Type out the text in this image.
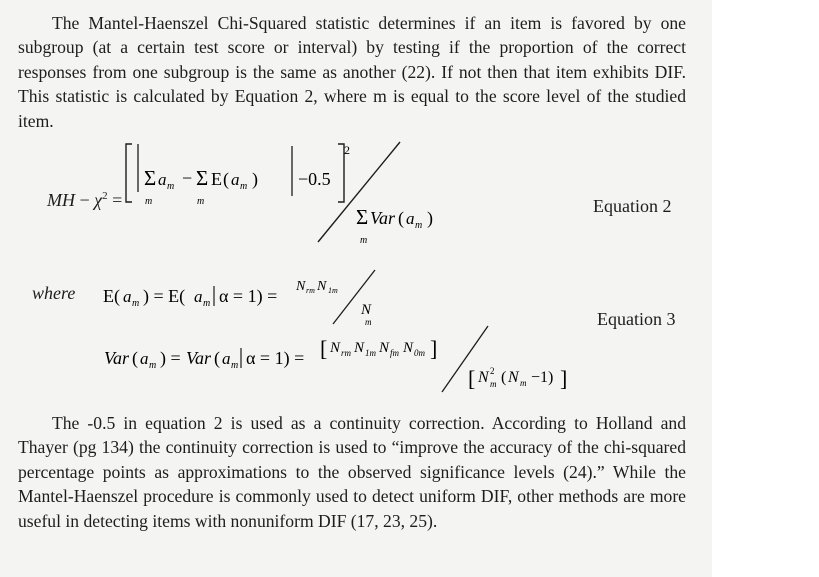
The Mantel-Haenszel Chi-Squared statistic determines if an item is favored by one subgroup (at a certain test score or interval) by testing if the proportion of the correct responses from one subgroup is the same as another (22). If not then that item exhibits DIF. This statistic is calculated by Equation 2, where m is equal to the score level of the studied item.

MH − $\chi^2$ =
2
Σ a m − Σ E ( a m ) −0.5
m	m
Σ Var ( a m )
m
Equation 2
where E( a m ) = E( a m α = 1) = N rm N 1m
N
m	Equation 3
Var ( a m ) = Var ( a m α = 1) = [ N rm N 1m N fm N 0m ]
[ N 2
m ( N m −1) ]

The -0.5 in equation 2 is used as a continuity correction. According to Holland and Thayer (pg 134) the continuity correction is used to “improve the accuracy of the chi-squared percentage points as approximations to the observed significance levels (24).” While the Mantel-Haenszel procedure is commonly used to detect uniform DIF, other methods are more useful in detecting items with nonuniform DIF (17, 23, 25).
